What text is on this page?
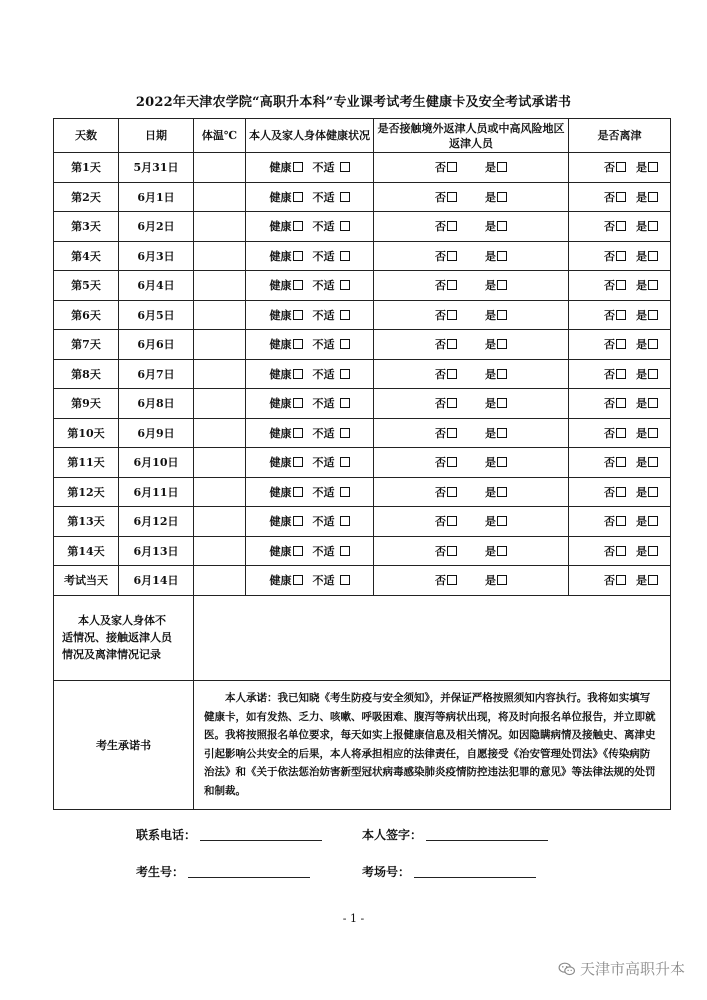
2022年天津农学院“高职升本科”专业课考试考生健康卡及安全考试承诺书
天数	日期	体温℃	本人及家人身体健康状况	是否接触境外返津人员或中高风险地区返津人员	是否离津
第1天	5月31日		健康 不适	否 是	否 是
第2天	6月1日		健康 不适	否 是	否 是
第3天	6月2日		健康 不适	否 是	否 是
第4天	6月3日		健康 不适	否 是	否 是
第5天	6月4日		健康 不适	否 是	否 是
第6天	6月5日		健康 不适	否 是	否 是
第7天	6月6日		健康 不适	否 是	否 是
第8天	6月7日		健康 不适	否 是	否 是
第9天	6月8日		健康 不适	否 是	否 是
第10天	6月9日		健康 不适	否 是	否 是
第11天	6月10日		健康 不适	否 是	否 是
第12天	6月11日		健康 不适	否 是	否 是
第13天	6月12日		健康 不适	否 是	否 是
第14天	6月13日		健康 不适	否 是	否 是
考试当天	6月14日		健康 不适	否 是	否 是

本人及家人身体不
适情况、接触返津人员
情况及离津情况记录					

考生承诺书		本人承诺：我已知晓《考生防疫与安全须知》，并保证严格按照须知内容执行。我将如实填写健康卡，如有发热、乏力、咳嗽、呼吸困难、腹泻等病状出现，将及时向报名单位报告，并立即就医。我将按照报名单位要求，每天如实上报健康信息及相关情况。如因隐瞒病情及接触史、离津史引起影响公共安全的后果，本人将承担相应的法律责任，自愿接受《治安管理处罚法》《传染病防治法》和《关于依法惩治妨害新型冠状病毒感染肺炎疫情防控违法犯罪的意见》等法律法规的处罚和制裁。			
联系电话：	本人签字：
考生号：	考场号：
- 1 -
天津市高职升本
